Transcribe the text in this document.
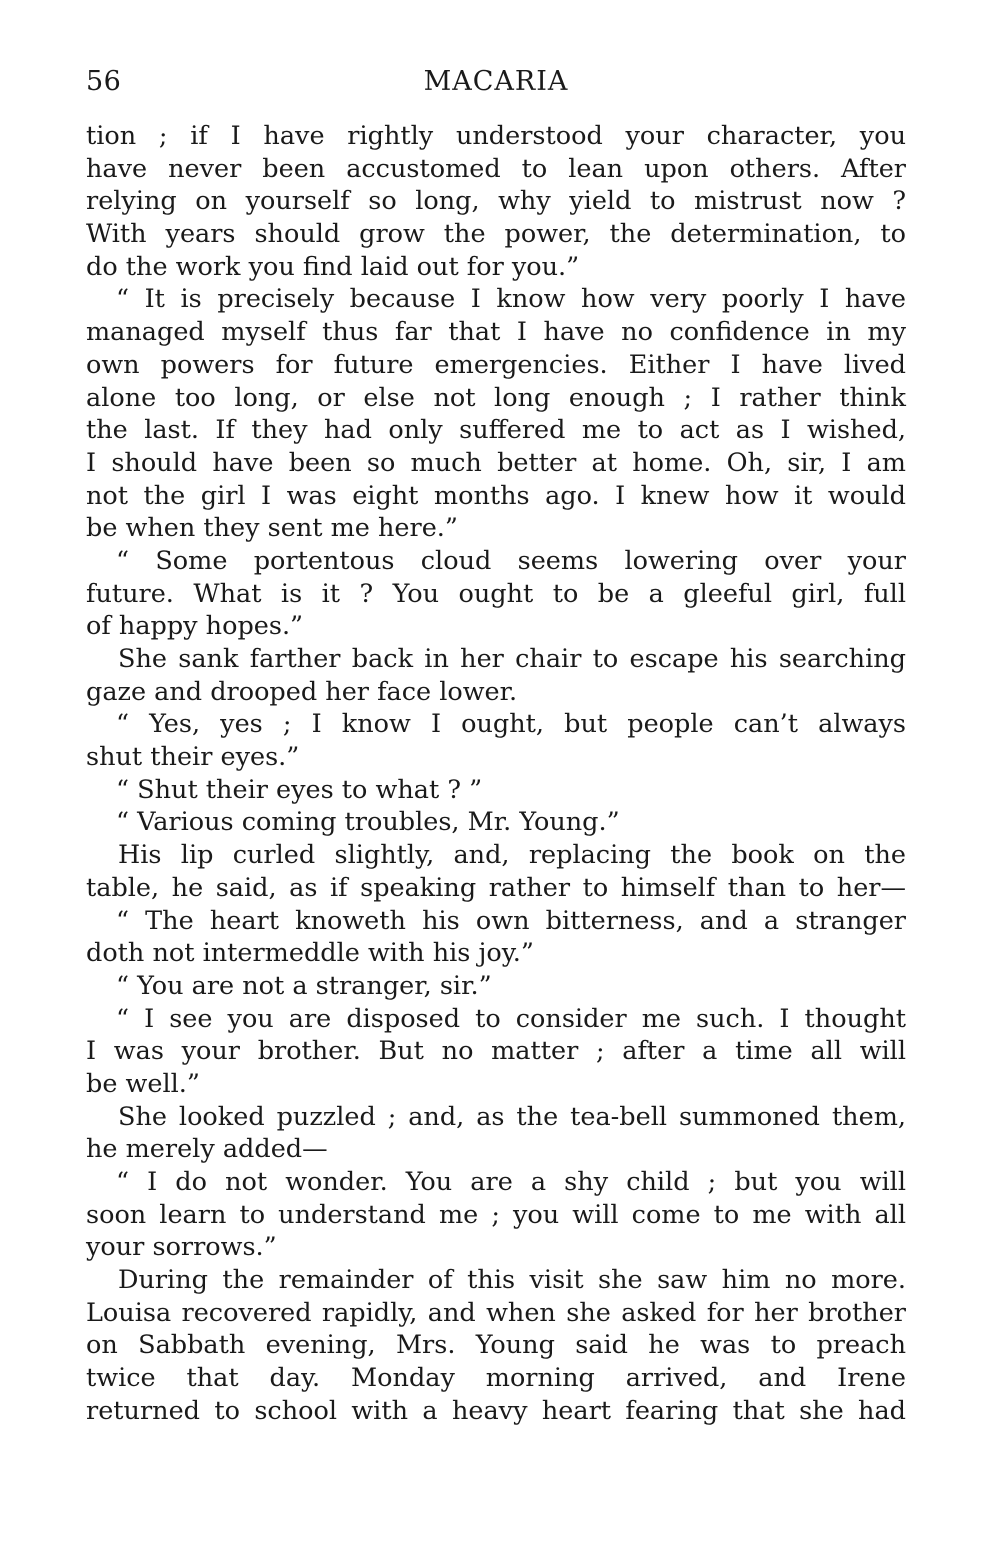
56	MACARIA
tion ; if I have rightly understood your character, you
have never been accustomed to lean upon others. After
relying on yourself so long, why yield to mistrust now ?
With years should grow the power, the determination, to
do the work you find laid out for you.”
“ It is precisely because I know how very poorly I have
managed myself thus far that I have no confidence in my
own powers for future emergencies. Either I have lived
alone too long, or else not long enough ; I rather think
the last. If they had only suffered me to act as I wished,
I should have been so much better at home. Oh, sir, I am
not the girl I was eight months ago. I knew how it would
be when they sent me here.”
“ Some portentous cloud seems lowering over your
future. What is it ? You ought to be a gleeful girl, full
of happy hopes.”
She sank farther back in her chair to escape his searching
gaze and drooped her face lower.
“ Yes, yes ; I know I ought, but people can’t always
shut their eyes.”
“ Shut their eyes to what ? ”
“ Various coming troubles, Mr. Young.”
His lip curled slightly, and, replacing the book on the
table, he said, as if speaking rather to himself than to her—
“ The heart knoweth his own bitterness, and a stranger
doth not intermeddle with his joy.”
“ You are not a stranger, sir.”
“ I see you are disposed to consider me such. I thought
I was your brother. But no matter ; after a time all will
be well.”
She looked puzzled ; and, as the tea-bell summoned them,
he merely added—
“ I do not wonder. You are a shy child ; but you will
soon learn to understand me ; you will come to me with all
your sorrows.”
During the remainder of this visit she saw him no more.
Louisa recovered rapidly, and when she asked for her brother
on Sabbath evening, Mrs. Young said he was to preach
twice that day. Monday morning arrived, and Irene
returned to school with a heavy heart fearing that she had
